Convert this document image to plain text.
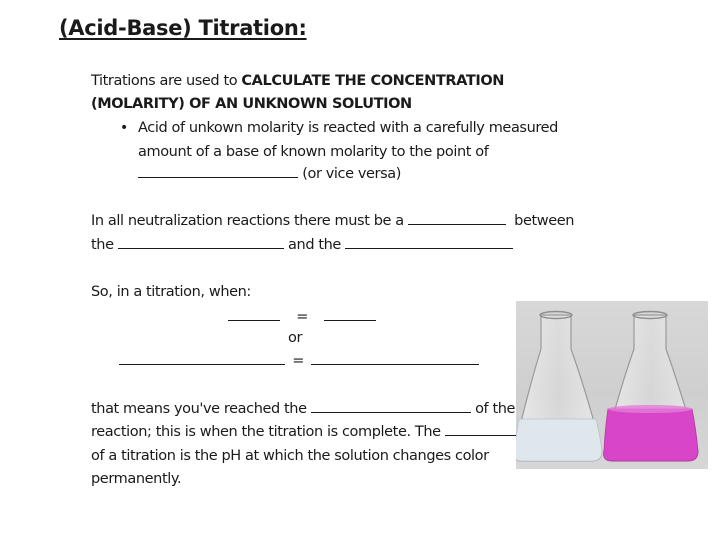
(Acid-Base) Titration:
Titrations are used to CALCULATE THE CONCENTRATION
(MOLARITY) OF AN UNKNOWN SOLUTION
• Acid of unkown molarity is reacted with a carefully measured
amount of a base of known molarity to the point of
(or vice versa)
In all neutralization reactions there must be a	between
the	and the
So, in a titration, when:
=
or
=
that means you've reached the	of the
reaction; this is when the titration is complete. The
of a titration is the pH at which the solution changes color
permanently.
